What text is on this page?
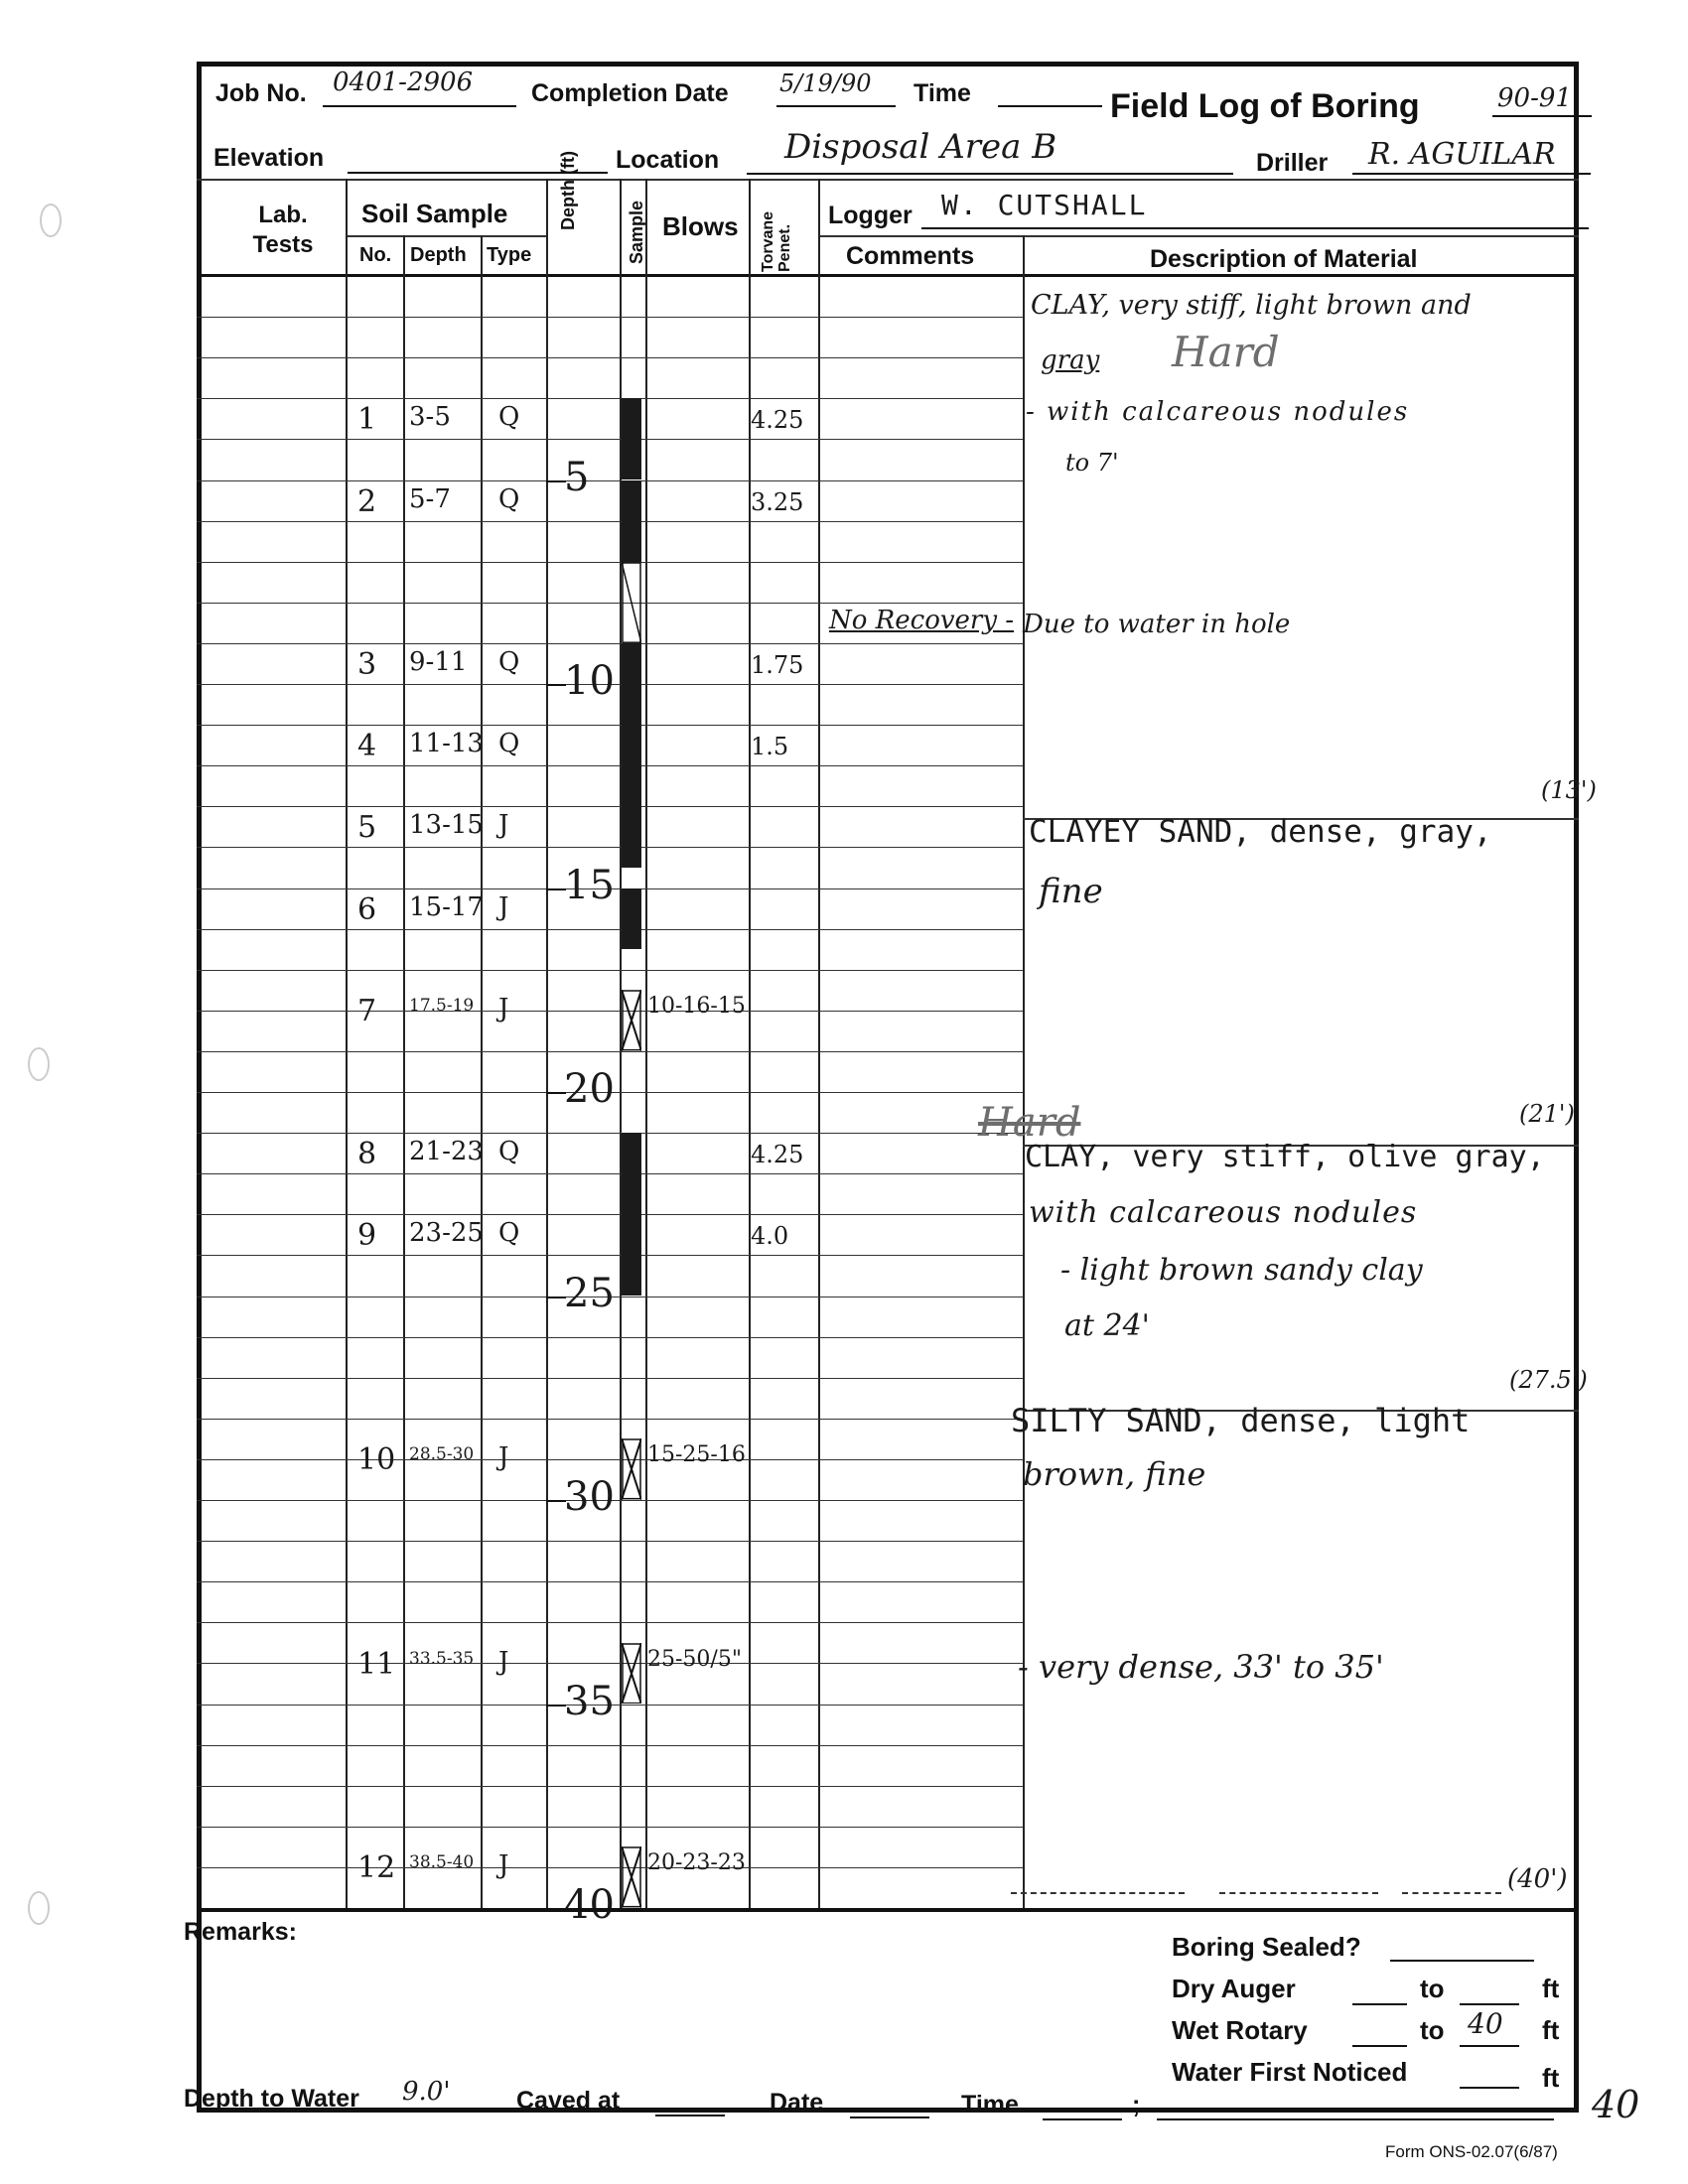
Job No. 0401-2906 Completion Date 5/19/90 Time	Field Log of Boring	90-91
Elevation	Location Disposal Area B	Driller R. AGUILAR
Lab. Tests
Soil Sample
No. Depth Type
Depth (ft)
Sample Blows Torvane Penet.
Logger W. CUTSHALL
Comments	Description of Material
5
10
15
20
25
30
35
40
1 3-5 Q	4.25
2 5-7 Q	3.25
3 9-11 Q	1.75
4 11-13 Q	1.5
5 13-15 J
6 15-17 J
7 17.5-19 J	10-16-15
8 21-23 Q	4.25
9 23-25 Q	4.0
10 28.5-30 J	15-25-16
11 33.5-35 J	25-50/5"
12 38.5-40 J	20-23-23
No Recovery -
CLAY, very stiff, light brown and
gray Hard
- with calcareous nodules
to 7'
Due to water in hole
(13')
CLAYEY SAND, dense, gray,
fine
(21')
Hard
CLAY, very stiff, olive gray,
with calcareous nodules
- light brown sandy clay
at 24'
(27.5')
SILTY SAND, dense, light
brown, fine
- very dense, 33' to 35'
(40')
Remarks:	Boring Sealed?
Dry Auger	to	ft
Wet Rotary	to 40 ft
Water First Noticed	ft
Depth to Water 9.0'	Caved at	Date	Time	;	40
Form ONS-02.07(6/87)
